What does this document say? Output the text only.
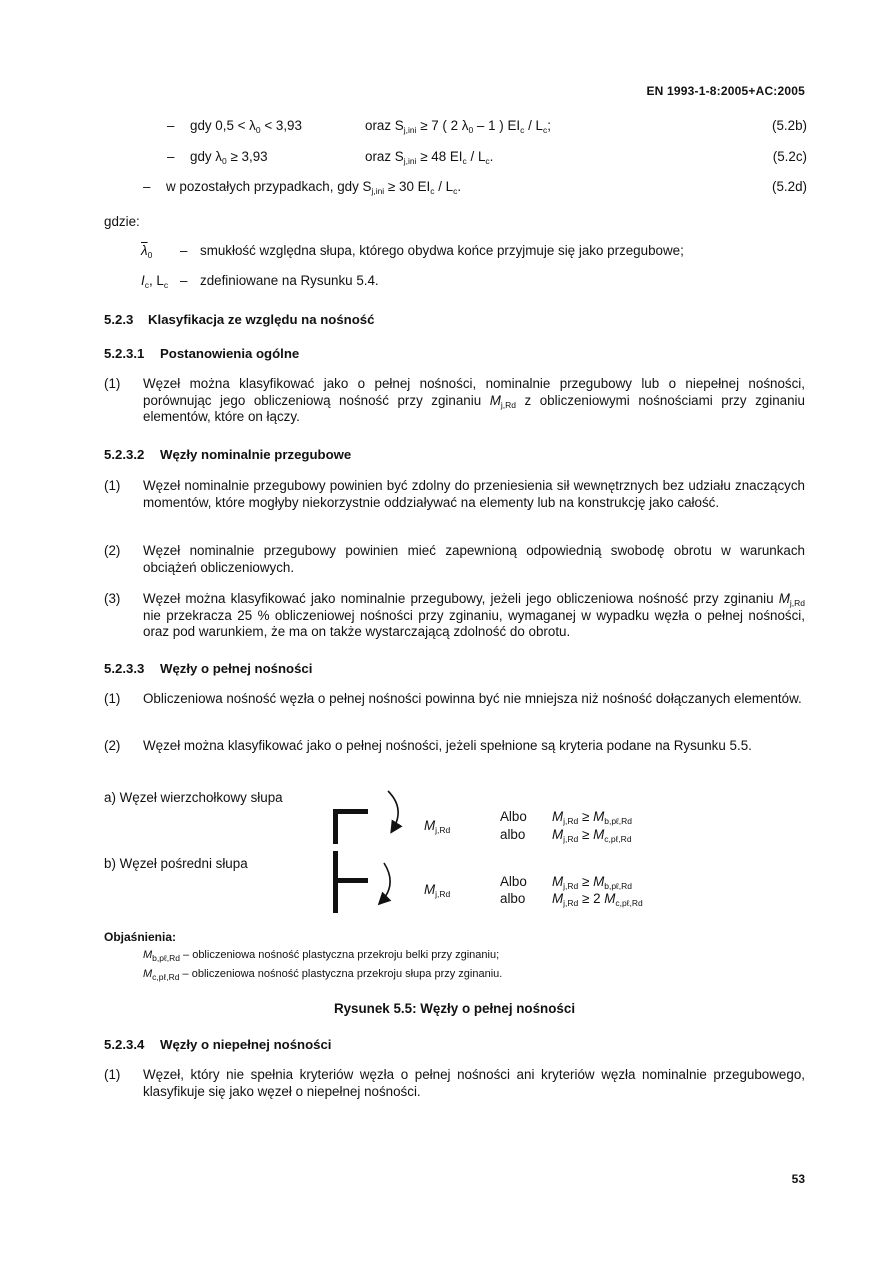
EN 1993-1-8:2005+AC:2005
– gdy $0,5 < \lambda_0 < 3,93$	oraz $S_{j,ini} \ge 7$ ( 2 $\lambda_0 - 1$ ) $EI_c / L_c$;	(5.2b)
– gdy $\lambda_0 \ge 3,93$	oraz $S_{j,ini} \ge 48$ $EI_c / L_c$.	(5.2c)
– w pozostałych przypadkach, gdy $S_{j,ini} \ge 30$ $EI_c / L_c$.	(5.2d)
gdzie:
$\overline{\lambda}_0$ – smukłość względna słupa, którego obydwa końce przyjmuje się jako przegubowe;
$I_c$, $L_c$ – zdefiniowane na Rysunku 5.4.
5.2.3 Klasyfikacja ze względu na nośność
5.2.3.1 Postanowienia ogólne
(1) Węzeł można klasyfikować jako o pełnej nośności, nominalnie przegubowy lub o niepełnej nośności, porównując jego obliczeniową nośność przy zginaniu $M_{j,Rd}$ z obliczeniowymi nośnościami przy zginaniu elementów, które on łączy.
5.2.3.2 Węzły nominalnie przegubowe
(1) Węzeł nominalnie przegubowy powinien być zdolny do przeniesienia sił wewnętrznych bez udziału znaczących momentów, które mogłyby niekorzystnie oddziaływać na elementy lub na konstrukcję jako całość.
(2) Węzeł nominalnie przegubowy powinien mieć zapewnioną odpowiednią swobodę obrotu w warunkach obciążeń obliczeniowych.
(3) Węzeł można klasyfikować jako nominalnie przegubowy, jeżeli jego obliczeniowa nośność przy zginaniu $M_{j,Rd}$ nie przekracza 25 % obliczeniowej nośności przy zginaniu, wymaganej w wypadku węzła o pełnej nośności, oraz pod warunkiem, że ma on także wystarczającą zdolność do obrotu.
5.2.3.3 Węzły o pełnej nośności
(1) Obliczeniowa nośność węzła o pełnej nośności powinna być nie mniejsza niż nośność dołączanych elementów.
(2) Węzeł można klasyfikować jako o pełnej nośności, jeżeli spełnione są kryteria podane na Rysunku 5.5.
a) Węzeł wierzchołkowy słupa
b) Węzeł pośredni słupa
$M_{j,Rd}$
$M_{j,Rd}$
Albo $M_{j,Rd} \ge M_{b,p\ell,Rd}$
albo $M_{j,Rd} \ge M_{c,p\ell,Rd}$
Albo $M_{j,Rd} \ge M_{b,p\ell,Rd}$
albo $M_{j,Rd} \ge 2$ $M_{c,p\ell,Rd}$
Objaśnienia:
$M_{b,p\ell,Rd}$ – obliczeniowa nośność plastyczna przekroju belki przy zginaniu;
$M_{c,p\ell,Rd}$ – obliczeniowa nośność plastyczna przekroju słupa przy zginaniu.
Rysunek 5.5: Węzły o pełnej nośności
5.2.3.4 Węzły o niepełnej nośności
(1) Węzeł, który nie spełnia kryteriów węzła o pełnej nośności ani kryteriów węzła nominalnie przegubowego, klasyfikuje się jako węzeł o niepełnej nośności.
53
